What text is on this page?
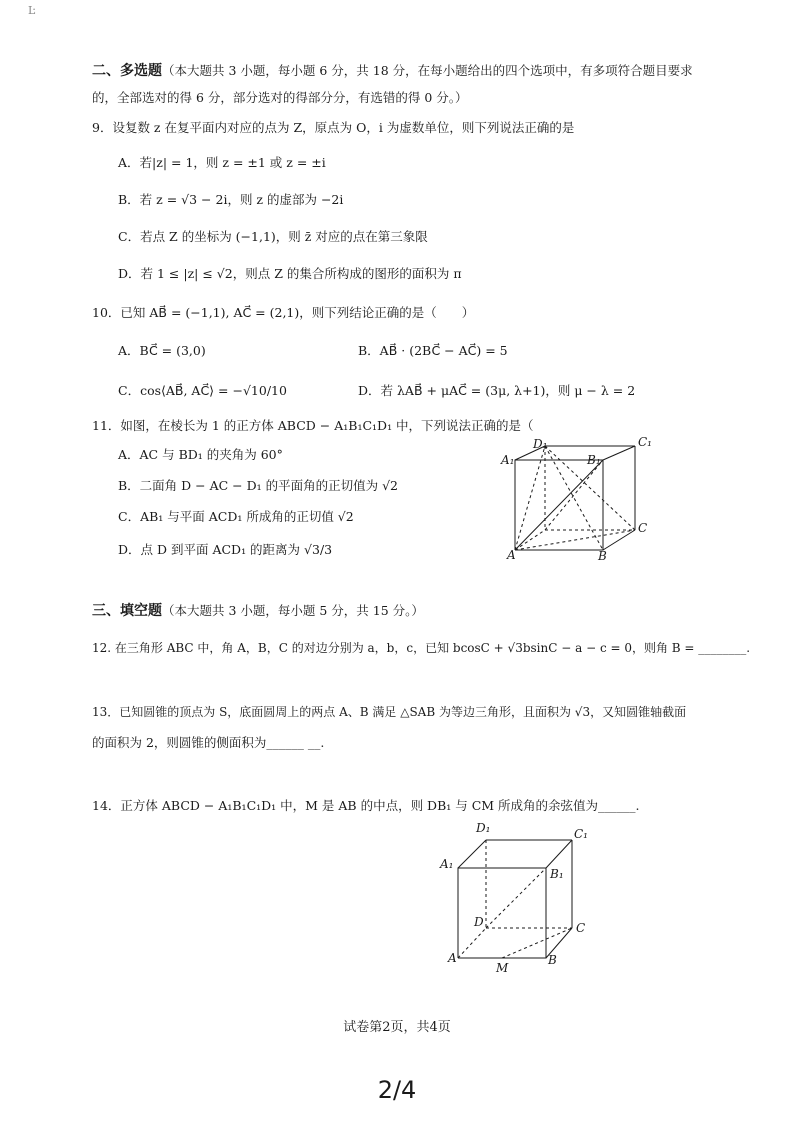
Ŀ
二、多选题（本大题共 3 小题，每小题 6 分，共 18 分，在每小题给出的四个选项中，有多项符合题目要求
的，全部选对的得 6 分，部分选对的得部分分，有选错的得 0 分。）
9．设复数 z 在复平面内对应的点为 Z，原点为 O，i 为虚数单位，则下列说法正确的是
A．若|z| = 1，则 z = ±1 或 z = ±i
B．若 z = √3 − 2i，则 z 的虚部为 −2i
C．若点 Z 的坐标为 (−1,1)，则 z̄ 对应的点在第三象限
D．若 1 ≤ |z| ≤ √2，则点 Z 的集合所构成的图形的面积为 π
10．已知 AB⃗ = (−1,1), AC⃗ = (2,1)，则下列结论正确的是（　　）
A．BC⃗ = (3,0)	B．AB⃗ · (2BC⃗ − AC⃗) = 5
C．cos⟨AB⃗, AC⃗⟩ = −√10/10	D．若 λAB⃗ + μAC⃗ = (3μ, λ+1)，则 μ − λ = 2
11．如图，在棱长为 1 的正方体 ABCD − A₁B₁C₁D₁ 中，下列说法正确的是（
A．AC 与 BD₁ 的夹角为 60°
B．二面角 D − AC − D₁ 的平面角的正切值为 √2
C．AB₁ 与平面 ACD₁ 所成角的正切值 √2
D．点 D 到平面 ACD₁ 的距离为 √3/3
D₁	C₁
A₁	B₁
C
A	B
三、填空题（本大题共 3 小题，每小题 5 分，共 15 分。）
12. 在三角形 ABC 中，角 A，B，C 的对边分别为 a，b，c，已知 bcosC + √3bsinC − a − c = 0，则角 B = ________.
13．已知圆锥的顶点为 S，底面圆周上的两点 A、B 满足 △SAB 为等边三角形，且面积为 √3，又知圆锥轴截面
的面积为 2，则圆锥的侧面积为______ __.
14．正方体 ABCD − A₁B₁C₁D₁ 中，M 是 AB 的中点，则 DB₁ 与 CM 所成角的余弦值为______.
D₁	C₁
A₁
B₁
D	C
A
M
B
试卷第2页，共4页
2/4
